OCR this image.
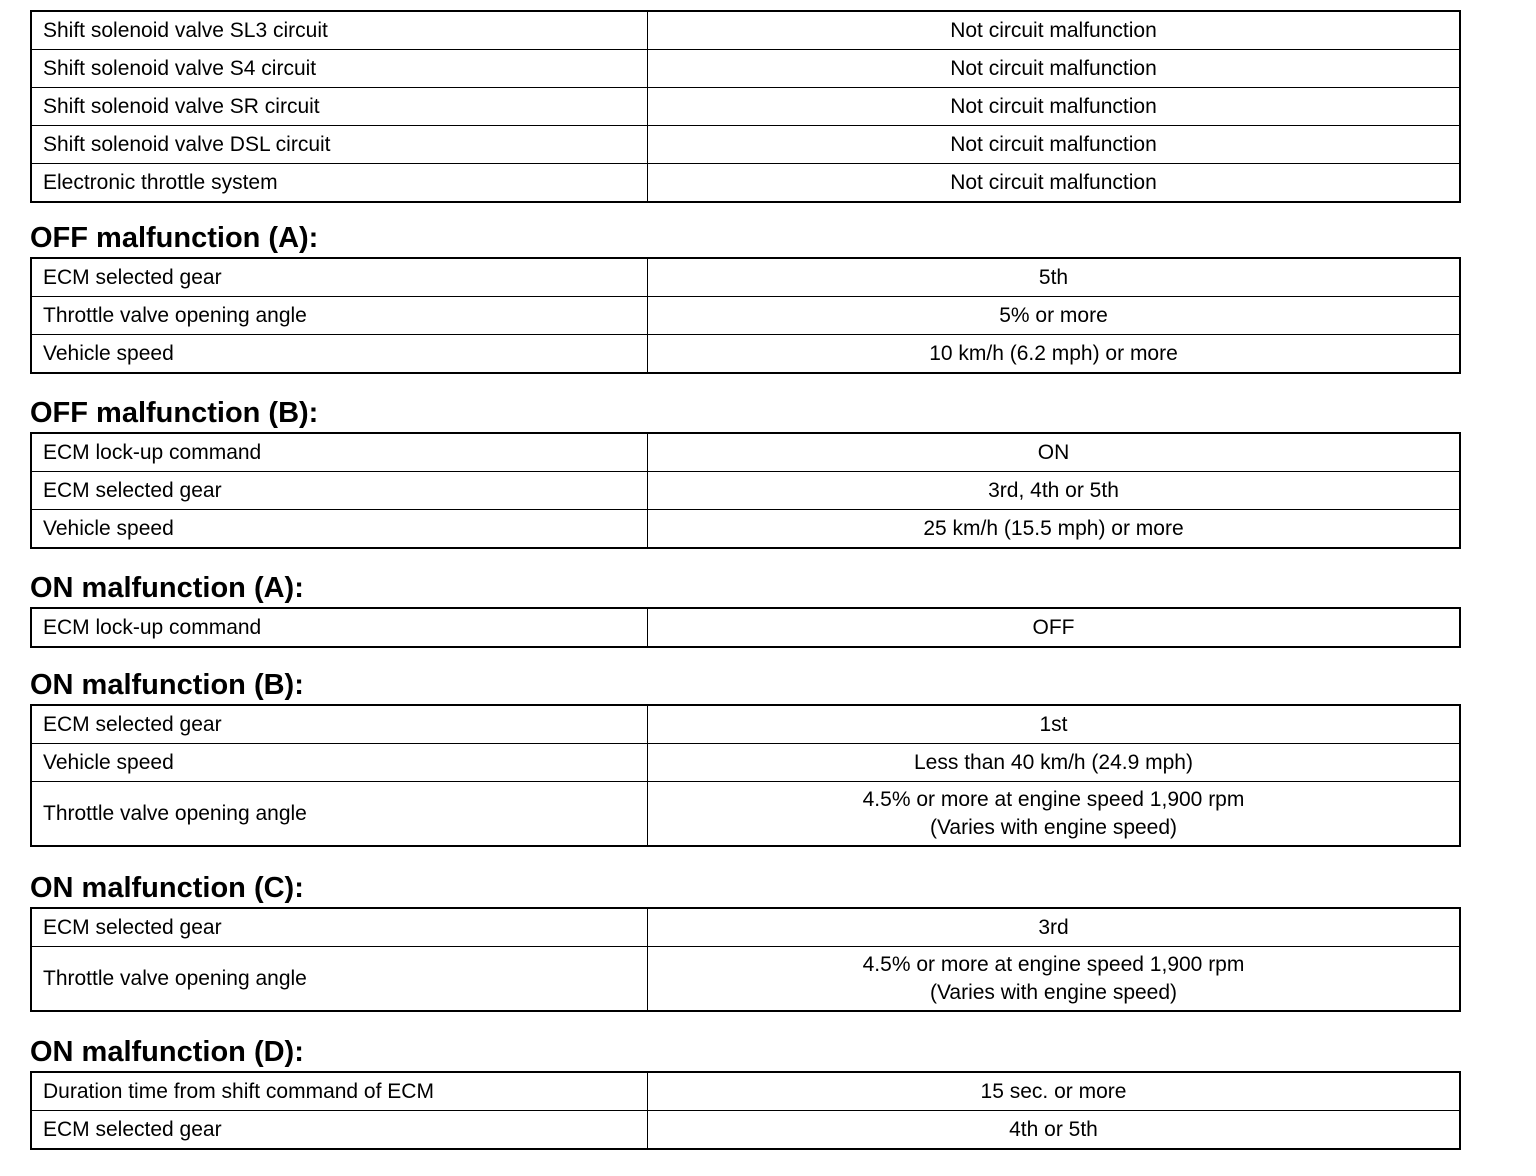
Shift solenoid valve SL3 circuit	Not circuit malfunction

Shift solenoid valve S4 circuit	Not circuit malfunction

Shift solenoid valve SR circuit	Not circuit malfunction

Shift solenoid valve DSL circuit	Not circuit malfunction

Electronic throttle system	Not circuit malfunction
OFF malfunction (A):
ECM selected gear	5th

Throttle valve opening angle	5% or more

Vehicle speed	10 km/h (6.2 mph) or more
OFF malfunction (B):
ECM lock-up command	ON

ECM selected gear	3rd, 4th or 5th

Vehicle speed	25 km/h (15.5 mph) or more
ON malfunction (A):
ECM lock-up command	OFF
ON malfunction (B):
ECM selected gear	1st

Vehicle speed	Less than 40 km/h (24.9 mph)

Throttle valve opening angle	4.5% or more at engine speed 1,900 rpm
(Varies with engine speed)
ON malfunction (C):
ECM selected gear	3rd

Throttle valve opening angle	4.5% or more at engine speed 1,900 rpm
(Varies with engine speed)
ON malfunction (D):
Duration time from shift command of ECM	15 sec. or more

ECM selected gear	4th or 5th
